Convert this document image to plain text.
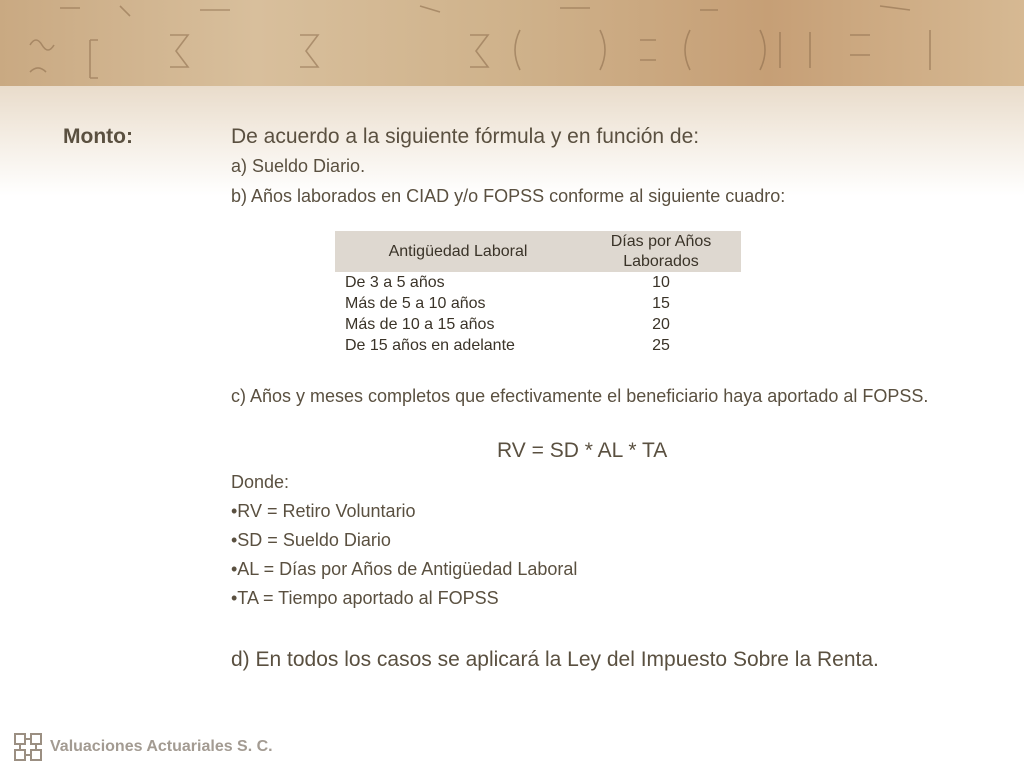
Monto:	De acuerdo a la siguiente fórmula y en función de:
a) Sueldo Diario.
b) Años laborados en CIAD y/o FOPSS conforme al siguiente cuadro:
Antigüedad Laboral	Días por Años
Laborados

De 3 a 5 años	10
Más de 5 a 10 años	15
Más de 10 a 15 años	20
De 15 años en adelante	25
c) Años y meses completos que efectivamente el beneficiario haya aportado al FOPSS.
RV = SD * AL * TA
Donde:
•RV = Retiro Voluntario
•SD = Sueldo Diario
•AL = Días por Años de Antigüedad Laboral
•TA = Tiempo aportado al FOPSS
d) En todos los casos se aplicará la Ley del Impuesto Sobre la Renta.
Valuaciones Actuariales S. C.
